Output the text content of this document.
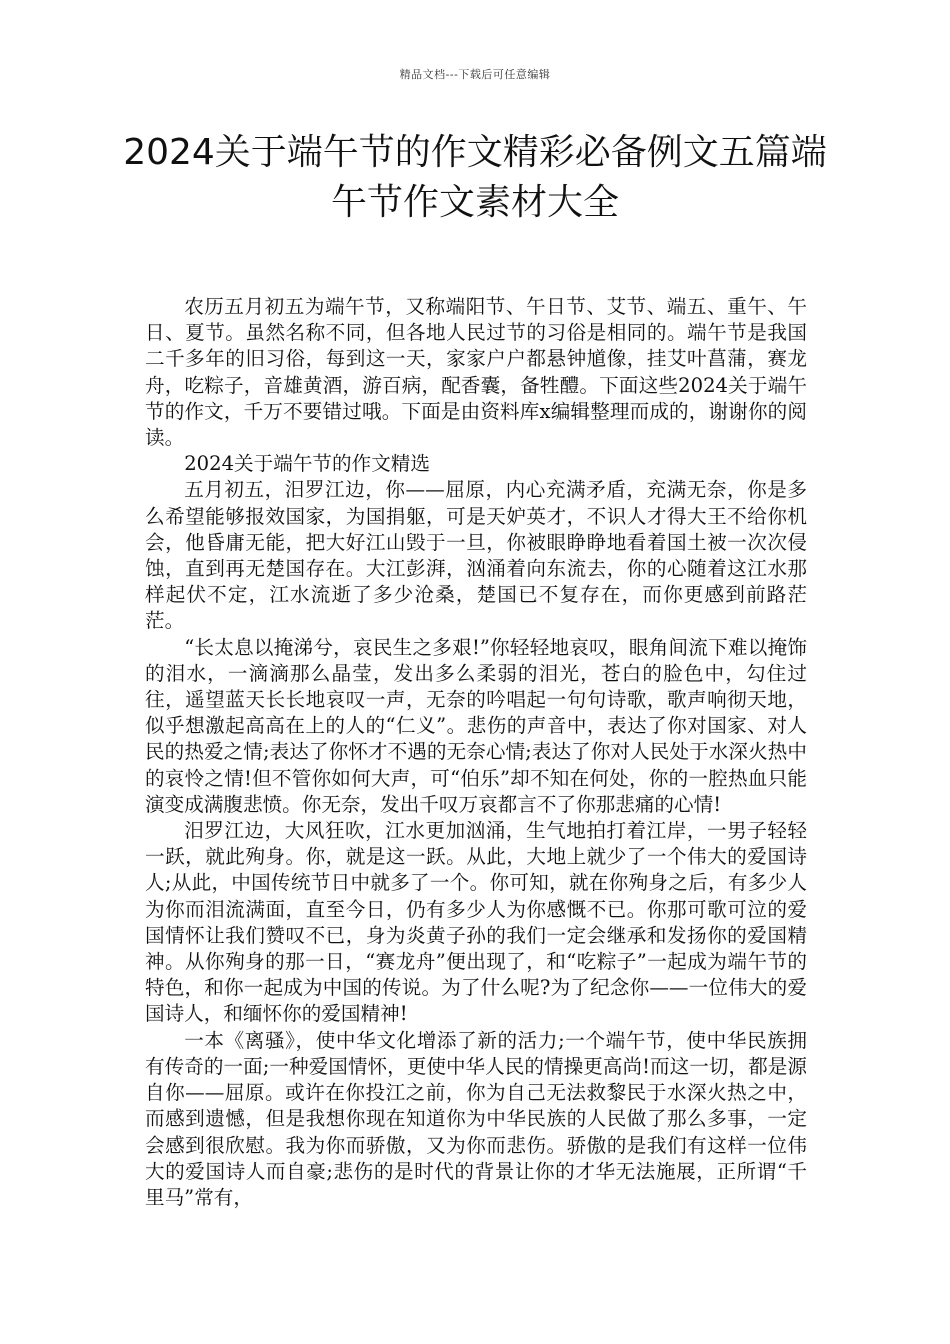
精品文档---下载后可任意编辑
2024关于端午节的作文精彩必备例文五篇端午节作文素材大全

农历五月初五为端午节，又称端阳节、午日节、艾节、端五、重午、午日、夏节。虽然名称不同，但各地人民过节的习俗是相同的。端午节是我国二千多年的旧习俗，每到这一天，家家户户都悬钟馗像，挂艾叶菖蒲，赛龙舟，吃粽子，音雄黄酒，游百病，配香囊，备牲醴。下面这些2024关于端午节的作文，千万不要错过哦。下面是由资料库x编辑整理而成的，谢谢你的阅读。

2024关于端午节的作文精选

五月初五，汨罗江边，你——屈原，内心充满矛盾，充满无奈，你是多么希望能够报效国家，为国捐躯，可是天妒英才，不识人才得大王不给你机会，他昏庸无能，把大好江山毁于一旦，你被眼睁睁地看着国土被一次次侵蚀，直到再无楚国存在。大江彭湃，汹涌着向东流去，你的心随着这江水那样起伏不定，江水流逝了多少沧桑，楚国已不复存在，而你更感到前路茫茫。

“长太息以掩涕兮，哀民生之多艰!”你轻轻地哀叹，眼角间流下难以掩饰的泪水，一滴滴那么晶莹，发出多么柔弱的泪光，苍白的脸色中，勾住过往，遥望蓝天长长地哀叹一声，无奈的吟唱起一句句诗歌，歌声响彻天地，似乎想激起高高在上的人的“仁义”。悲伤的声音中，表达了你对国家、对人民的热爱之情;表达了你怀才不遇的无奈心情;表达了你对人民处于水深火热中的哀怜之情!但不管你如何大声，可“伯乐”却不知在何处，你的一腔热血只能演变成满腹悲愤。你无奈，发出千叹万哀都言不了你那悲痛的心情!

汨罗江边，大风狂吹，江水更加汹涌，生气地拍打着江岸，一男子轻轻一跃，就此殉身。你，就是这一跃。从此，大地上就少了一个伟大的爱国诗人;从此，中国传统节日中就多了一个。你可知，就在你殉身之后，有多少人为你而泪流满面，直至今日，仍有多少人为你感慨不已。你那可歌可泣的爱国情怀让我们赞叹不已，身为炎黄子孙的我们一定会继承和发扬你的爱国精神。从你殉身的那一日，“赛龙舟”便出现了，和“吃粽子”一起成为端午节的特色，和你一起成为中国的传说。为了什么呢?为了纪念你——一位伟大的爱国诗人，和缅怀你的爱国精神!

一本《离骚》，使中华文化增添了新的活力;一个端午节，使中华民族拥有传奇的一面;一种爱国情怀，更使中华人民的情操更高尚!而这一切，都是源自你——屈原。或许在你投江之前，你为自己无法救黎民于水深火热之中，而感到遗憾，但是我想你现在知道你为中华民族的人民做了那么多事，一定会感到很欣慰。我为你而骄傲，又为你而悲伤。骄傲的是我们有这样一位伟大的爱国诗人而自豪;悲伤的是时代的背景让你的才华无法施展，正所谓“千里马”常有，
